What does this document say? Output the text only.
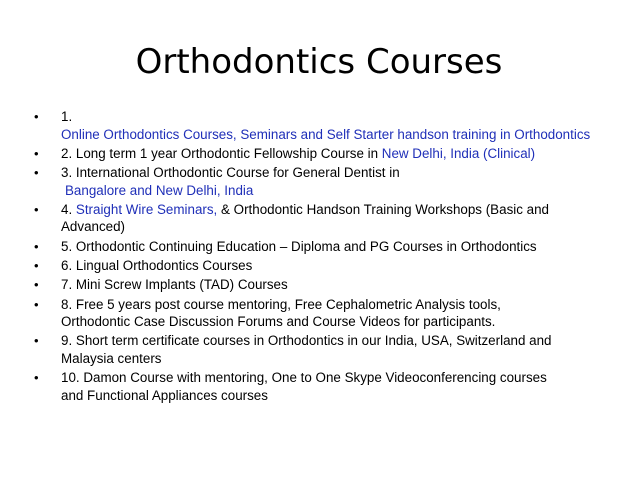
Orthodontics Courses
• 1.
Online Orthodontics Courses, Seminars and Self Starter handson training in Orthodontics
• 2. Long term 1 year Orthodontic Fellowship Course in New Delhi, India (Clinical)
• 3. International Orthodontic Course for General Dentist in
Bangalore and New Delhi, India
• 4. Straight Wire Seminars, & Orthodontic Handson Training Workshops (Basic and
Advanced)
• 5. Orthodontic Continuing Education – Diploma and PG Courses in Orthodontics
• 6. Lingual Orthodontics Courses
• 7. Mini Screw Implants (TAD) Courses
• 8. Free 5 years post course mentoring, Free Cephalometric Analysis tools,
Orthodontic Case Discussion Forums and Course Videos for participants.
• 9. Short term certificate courses in Orthodontics in our India, USA, Switzerland and
Malaysia centers
• 10. Damon Course with mentoring, One to One Skype Videoconferencing courses
and Functional Appliances courses
